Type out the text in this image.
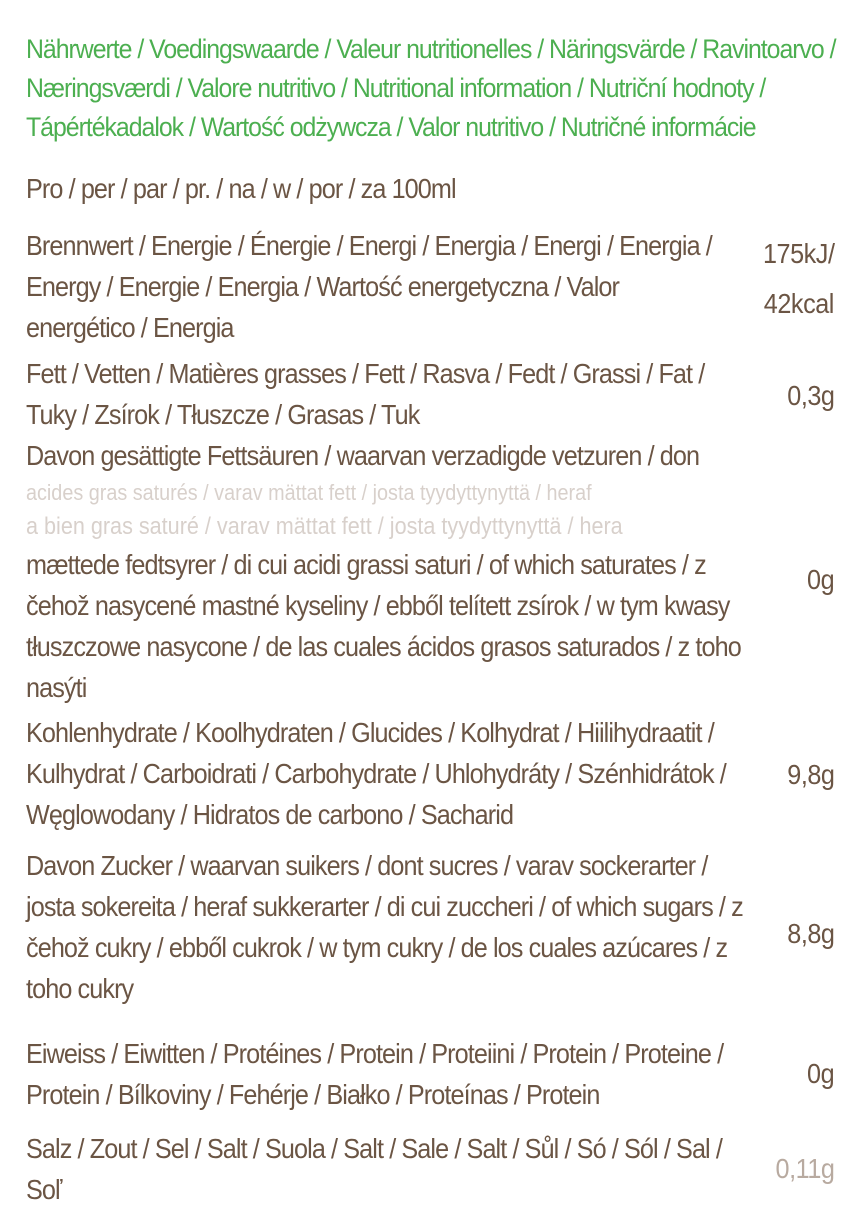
Nährwerte / Voedingswaarde / Valeur nutritionelles / Näringsvärde / Ravintoarvo /
Næringsværdi / Valore nutritivo / Nutritional information / Nutriční hodnoty /
Tápértékadalok / Wartość odżywcza / Valor nutritivo / Nutričné informácie
Pro / per / par / pr. / na / w / por / za 100ml
Brennwert / Energie / Énergie / Energi / Energia / Energi / Energia / Energy / Energie / Energia / Wartość energetyczna / Valor energético / Energia
175kJ/
42kcal
Fett / Vetten / Matières grasses / Fett / Rasva / Fedt / Grassi / Fat / Tuky / Zsírok / Tłuszcze / Grasas / Tuk
0,3g
Davon gesättigte Fettsäuren / waarvan verzadigde vetzuren / don
acides gras saturés / varav mättat fett / josta tyydyttynyttä / heraf
a bien gras saturé / varav mättat fett / josta tyydyttynyttä / hera
mættede fedtsyrer / di cui acidi grassi saturi / of which saturates / z čehož nasycené mastné kyseliny / ebből telített zsírok / w tym kwasy tłuszczowe nasycone / de las cuales ácidos grasos saturados / z toho nasýti
0g
Kohlenhydrate / Koolhydraten / Glucides / Kolhydrat / Hiilihydraatit / Kulhydrat / Carboidrati / Carbohydrate / Uhlohydráty / Szénhidrátok / Węglowodany / Hidratos de carbono / Sacharid
9,8g
Davon Zucker / waarvan suikers / dont sucres / varav sockerarter / josta sokereita / heraf sukkerarter / di cui zuccheri / of which sugars / z čehož cukry / ebből cukrok / w tym cukry / de los cuales azúcares / z toho cukry
8,8g
Eiweiss / Eiwitten / Protéines / Protein / Proteiini / Protein / Proteine / Protein / Bílkoviny / Fehérje / Białko / Proteínas / Protein
0g
Salz / Zout / Sel / Salt / Suola / Salt / Sale / Salt / Sůl / Só / Sól / Sal / Soľ
0,11g
